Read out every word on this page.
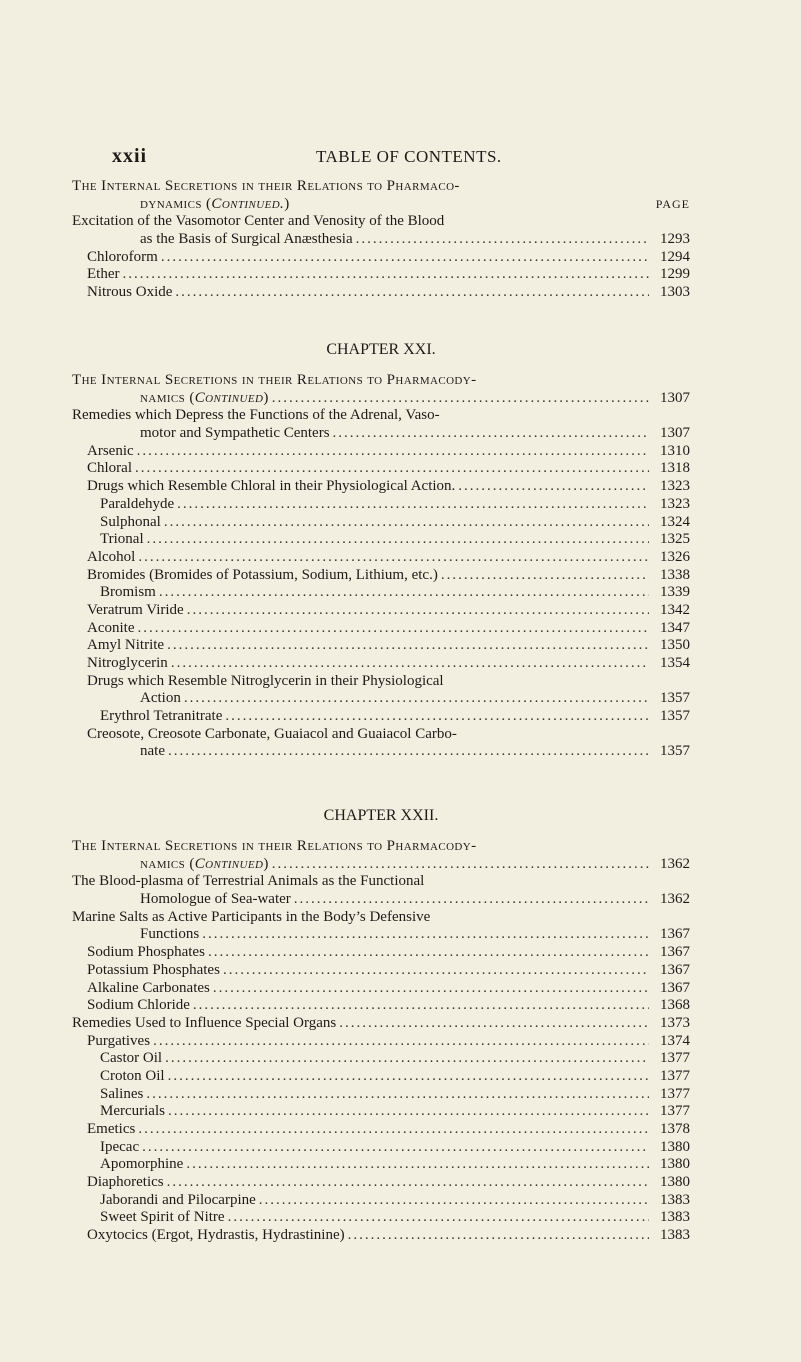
xxii	TABLE OF CONTENTS.
The Internal Secretions in their Relations to Pharmaco-
dynamics (Continued.)	PAGE
Excitation of the Vasomotor Center and Venosity of the Blood
as the Basis of Surgical Anæsthesia .....	1293
Chloroform .....	1294
Ether .....	1299
Nitrous Oxide .....	1303
CHAPTER XXI.
The Internal Secretions in their Relations to Pharmacody-
namics (Continued) .....	1307
Remedies which Depress the Functions of the Adrenal, Vaso-
motor and Sympathetic Centers .....	1307
Arsenic .....	1310
Chloral .....	1318
Drugs which Resemble Chloral in their Physiological Action. .....	1323
Paraldehyde .....	1323
Sulphonal .....	1324
Trional .....	1325
Alcohol .....	1326
Bromides (Bromides of Potassium, Sodium, Lithium, etc.) .....	1338
Bromism .....	1339
Veratrum Viride .....	1342
Aconite .....	1347
Amyl Nitrite .....	1350
Nitroglycerin .....	1354
Drugs which Resemble Nitroglycerin in their Physiological
Action .....	1357
Erythrol Tetranitrate .....	1357
Creosote, Creosote Carbonate, Guaiacol and Guaiacol Carbo-
nate .....	1357
CHAPTER XXII.
The Internal Secretions in their Relations to Pharmacody-
namics (Continued) .....	1362
The Blood-plasma of Terrestrial Animals as the Functional
Homologue of Sea-water .....	1362
Marine Salts as Active Participants in the Body’s Defensive
Functions .....	1367
Sodium Phosphates .....	1367
Potassium Phosphates .....	1367
Alkaline Carbonates .....	1367
Sodium Chloride .....	1368
Remedies Used to Influence Special Organs .....	1373
Purgatives .....	1374
Castor Oil .....	1377
Croton Oil .....	1377
Salines .....	1377
Mercurials .....	1377
Emetics .....	1378
Ipecac .....	1380
Apomorphine .....	1380
Diaphoretics .....	1380
Jaborandi and Pilocarpine .....	1383
Sweet Spirit of Nitre .....	1383
Oxytocics (Ergot, Hydrastis, Hydrastinine) .....	1383
